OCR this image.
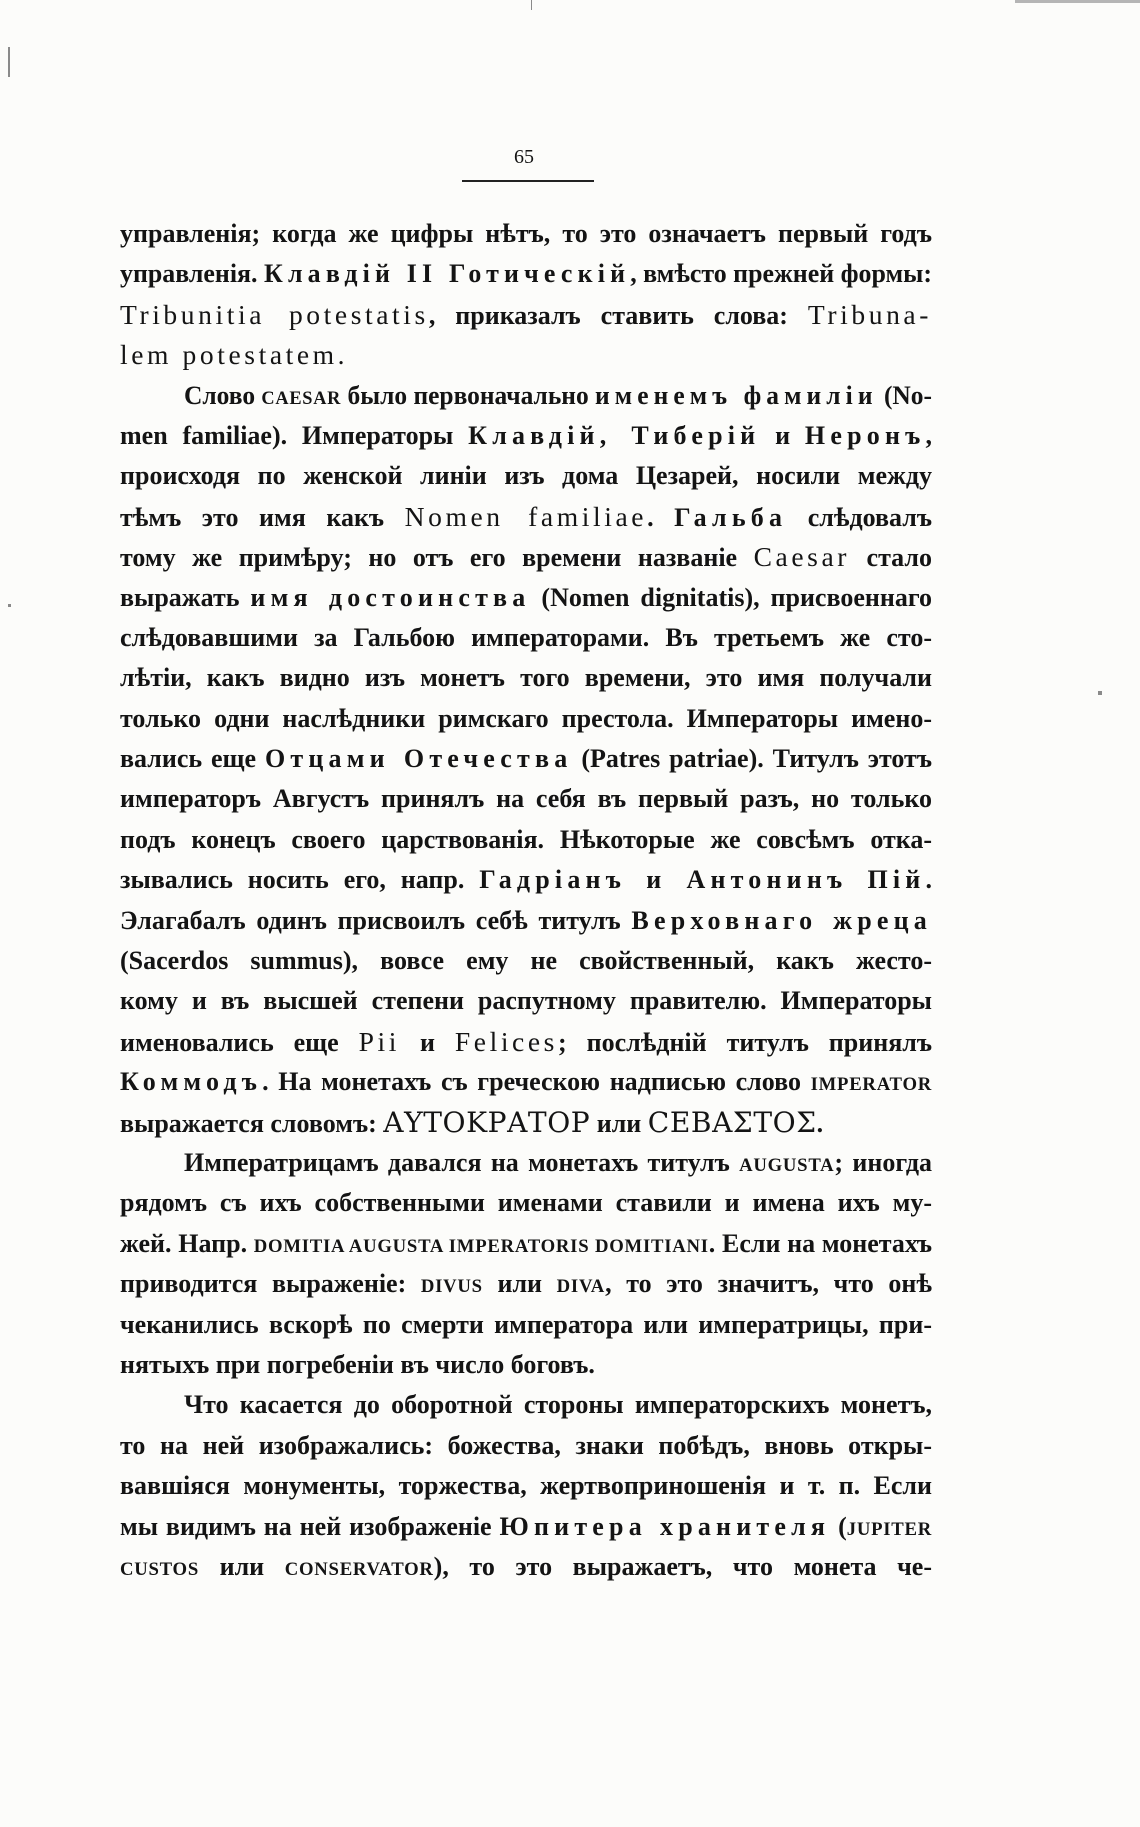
65
управленія; когда же цифры нѣтъ, то это означаетъ первый годъ
управленія. Клавдій II Готическій, вмѣсто прежней формы:
Tribunitia potestatis, приказалъ ставить слова: Tribuna-
lem potestatem.
Слово CAESAR было первоначально именемъ фамиліи (No-
men familiae). Императоры Клавдій, Тиберій и Неронъ,
происходя по женской линіи изъ дома Цезарей, носили между
тѣмъ это имя какъ Nomen familiae. Гальба слѣдовалъ
тому же примѣру; но отъ его времени названіе Caesar стало
выражать имя достоинства (Nomen dignitatis), присвоеннаго
слѣдовавшими за Гальбою императорами. Въ третьемъ же сто-
лѣтіи, какъ видно изъ монетъ того времени, это имя получали
только одни наслѣдники римскаго престола. Императоры имено-
вались еще Отцами Отечества (Patres patriae). Титулъ этотъ
императоръ Августъ принялъ на себя въ первый разъ, но только
подъ конецъ своего царствованія. Нѣкоторые же совсѣмъ отка-
зывались носить его, напр. Гадріанъ и Антонинъ Пій.
Элагабалъ одинъ присвоилъ себѣ титулъ Верховнаго жреца
(Sacerdos summus), вовсе ему не свойственный, какъ жесто-
кому и въ высшей степени распутному правителю. Императоры
именовались еще Pii и Felices; послѣдній титулъ принялъ
Коммодъ. На монетахъ съ греческою надписью слово IMPERATOR
выражается словомъ: ΑΥΤΟΚΡΑΤΟΡ или ϹΕΒΑΣΤΟΣ.
Императрицамъ давался на монетахъ титулъ AUGUSTA; иногда
рядомъ съ ихъ собственными именами ставили и имена ихъ му-
жей. Напр. DOMITIA AUGUSTA IMPERATORIS DOMITIANI. Если на монетахъ
приводится выраженіе: DIVUS или DIVA, то это значитъ, что онѣ
чеканились вскорѣ по смерти императора или императрицы, при-
нятыхъ при погребеніи въ число боговъ.
Что касается до оборотной стороны императорскихъ монетъ,
то на ней изображались: божества, знаки побѣдъ, вновь откры-
вавшіяся монументы, торжества, жертвоприношенія и т. п. Если
мы видимъ на ней изображеніе Юпитера хранителя (JUPITER
CUSTOS или CONSERVATOR), то это выражаетъ, что монета че-
